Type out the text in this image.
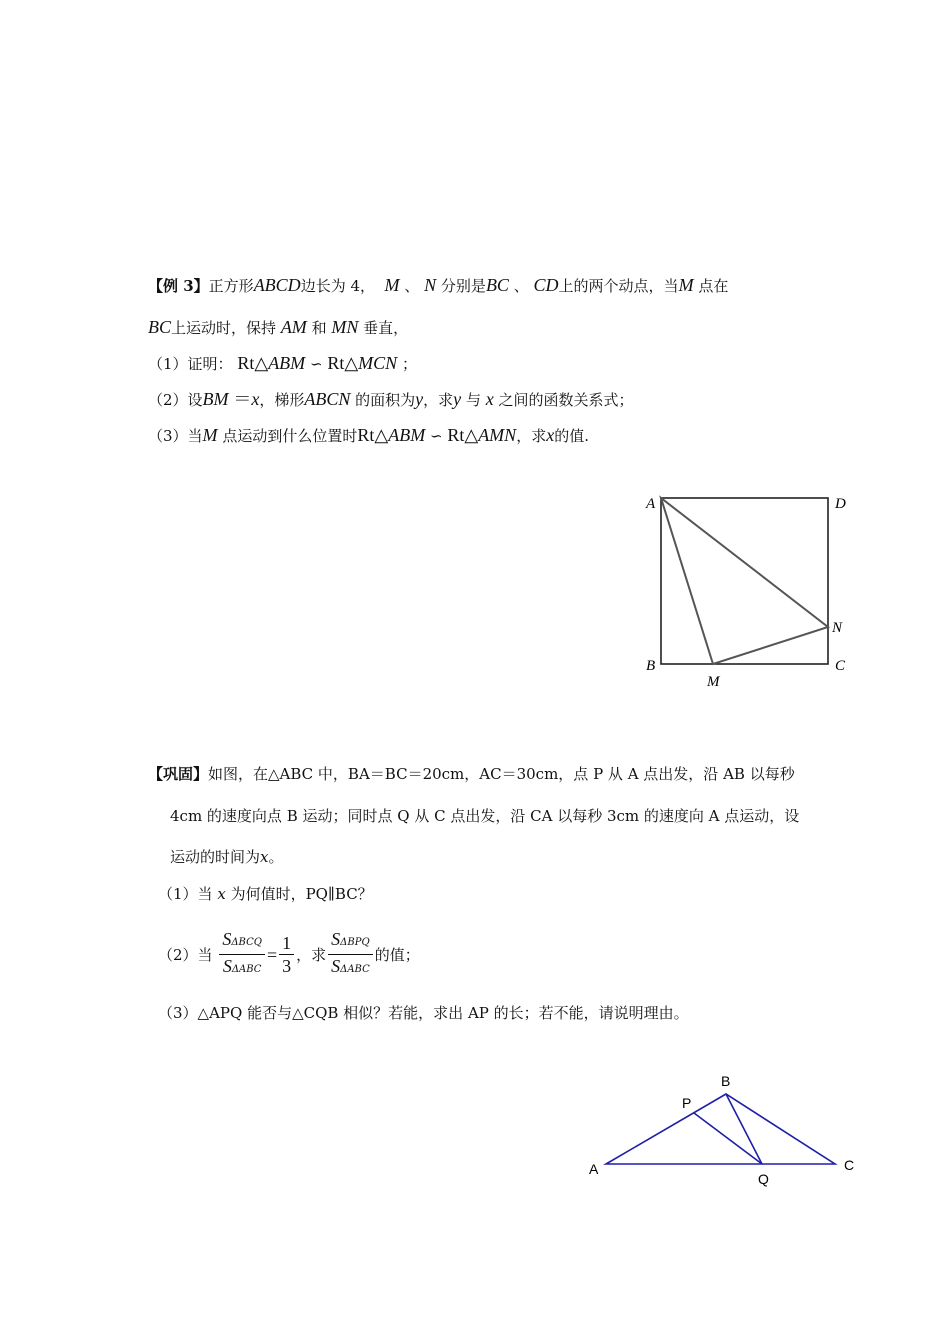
【例 3】正方形ABCD边长为 4， M 、 N 分别是BC 、 CD上的两个动点，当M 点在
BC上运动时，保持 AM 和 MN 垂直，
（1）证明： Rt△ABM ∽ Rt△MCN ；
（2）设BM ＝x，梯形ABCN 的面积为y，求y 与 x 之间的函数关系式；
（3）当M 点运动到什么位置时Rt△ABM ∽ Rt△AMN，求x的值.
A	D
N
B
M
C
【巩固】如图，在△ABC 中，BA＝BC＝20cm，AC＝30cm，点 P 从 A 点出发，沿 AB 以每秒
4cm 的速度向点 B 运动；同时点 Q 从 C 点出发，沿 CA 以每秒 3cm 的速度向 A 点运动，设
运动的时间为x。
（1）当 x 为何值时，PQ∥BC？
（2）当 $\frac{\text{SΔBCQ}}{\text{SΔABC}} = \frac{1}{3}$ ，求 $\frac{\text{SΔBPQ}}{\text{SΔABC}}$ 的值；
（3）△APQ 能否与△CQB 相似？若能，求出 AP 的长；若不能，请说明理由。
B
P
A
Q
C
